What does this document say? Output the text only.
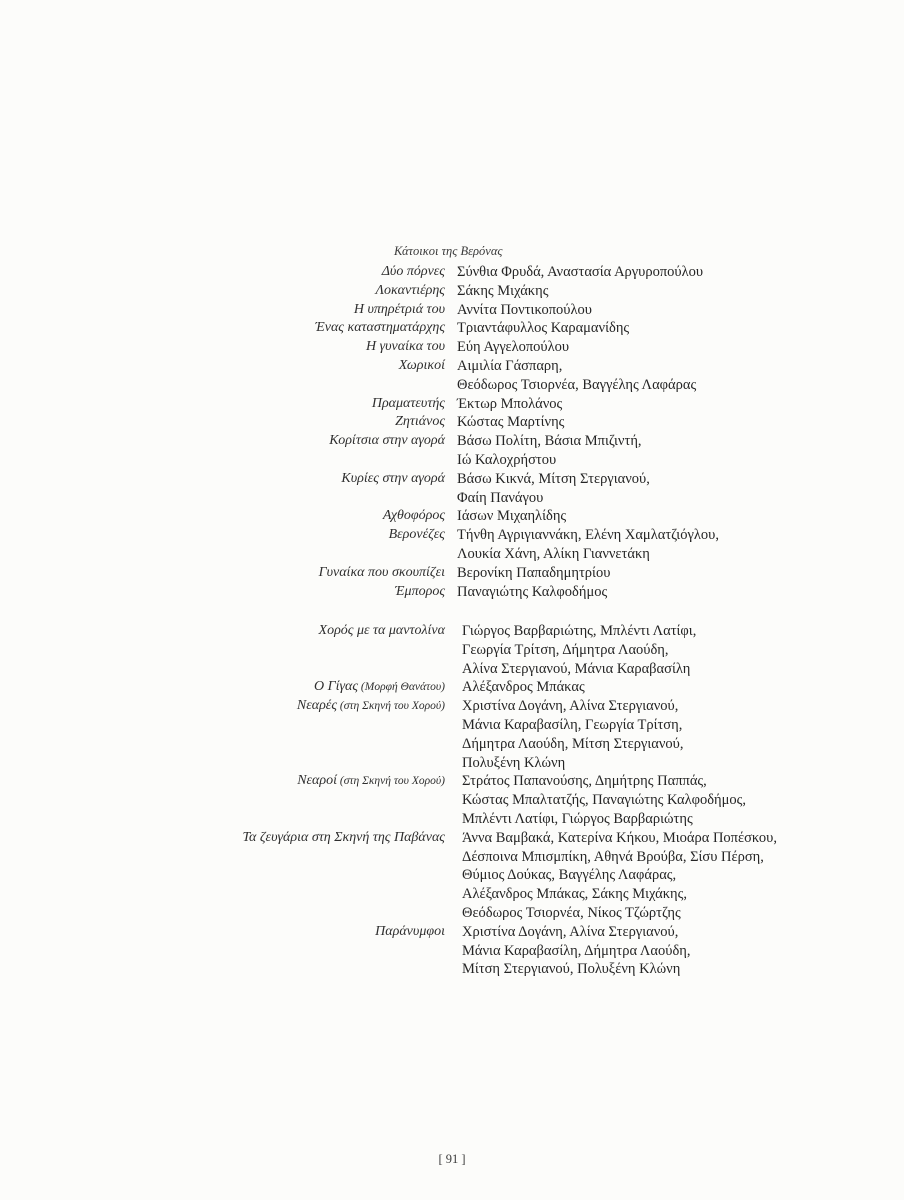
Κάτοικοι της Βερόνας
Δύο πόρνες Σύνθια Φρυδά, Αναστασία Αργυροπούλου
Λοκαντιέρης Σάκης Μιχάκης
Η υπηρέτριά του Αννίτα Ποντικοπούλου
Ένας καταστηματάρχης Τριαντάφυλλος Καραμανίδης
Η γυναίκα του Εύη Αγγελοπούλου
Χωρικοί Αιμιλία Γάσπαρη,
Θεόδωρος Τσιορνέα, Βαγγέλης Λαφάρας
Πραματευτής Έκτωρ Μπολάνος
Ζητιάνος Κώστας Μαρτίνης
Κορίτσια στην αγορά Βάσω Πολίτη, Βάσια Μπιζιντή,
Ιώ Καλοχρήστου
Κυρίες στην αγορά Βάσω Κικνά, Μίτση Στεργιανού,
Φαίη Πανάγου
Αχθοφόρος Ιάσων Μιχαηλίδης
Βερονέζες Τήνθη Αγριγιαννάκη, Ελένη Χαμλατζιόγλου,
Λουκία Χάνη, Αλίκη Γιαννετάκη
Γυναίκα που σκουπίζει Βερονίκη Παπαδημητρίου
Έμπορος Παναγιώτης Καλφοδήμος
Χορός με τα μαντολίνα Γιώργος Βαρβαριώτης, Μπλέντι Λατίφι,
Γεωργία Τρίτση, Δήμητρα Λαούδη,
Αλίνα Στεργιανού, Μάνια Καραβασίλη
Ο Γίγας (Μορφή Θανάτου) Αλέξανδρος Μπάκας
Νεαρές (στη Σκηνή του Χορού) Χριστίνα Δογάνη, Αλίνα Στεργιανού,
Μάνια Καραβασίλη, Γεωργία Τρίτση,
Δήμητρα Λαούδη, Μίτση Στεργιανού,
Πολυξένη Κλώνη
Νεαροί (στη Σκηνή του Χορού) Στράτος Παπανούσης, Δημήτρης Παππάς,
Κώστας Μπαλτατζής, Παναγιώτης Καλφοδήμος,
Μπλέντι Λατίφι, Γιώργος Βαρβαριώτης
Τα ζευγάρια στη Σκηνή της Παβάνας Άννα Βαμβακά, Κατερίνα Κήκου, Μιοάρα Ποπέσκου,
Δέσποινα Μπισμπίκη, Αθηνά Βρούβα, Σίσυ Πέρση,
Θύμιος Δούκας, Βαγγέλης Λαφάρας,
Αλέξανδρος Μπάκας, Σάκης Μιχάκης,
Θεόδωρος Τσιορνέα, Νίκος Τζώρτζης
Παράνυμφοι Χριστίνα Δογάνη, Αλίνα Στεργιανού,
Μάνια Καραβασίλη, Δήμητρα Λαούδη,
Μίτση Στεργιανού, Πολυξένη Κλώνη
[ 91 ]
